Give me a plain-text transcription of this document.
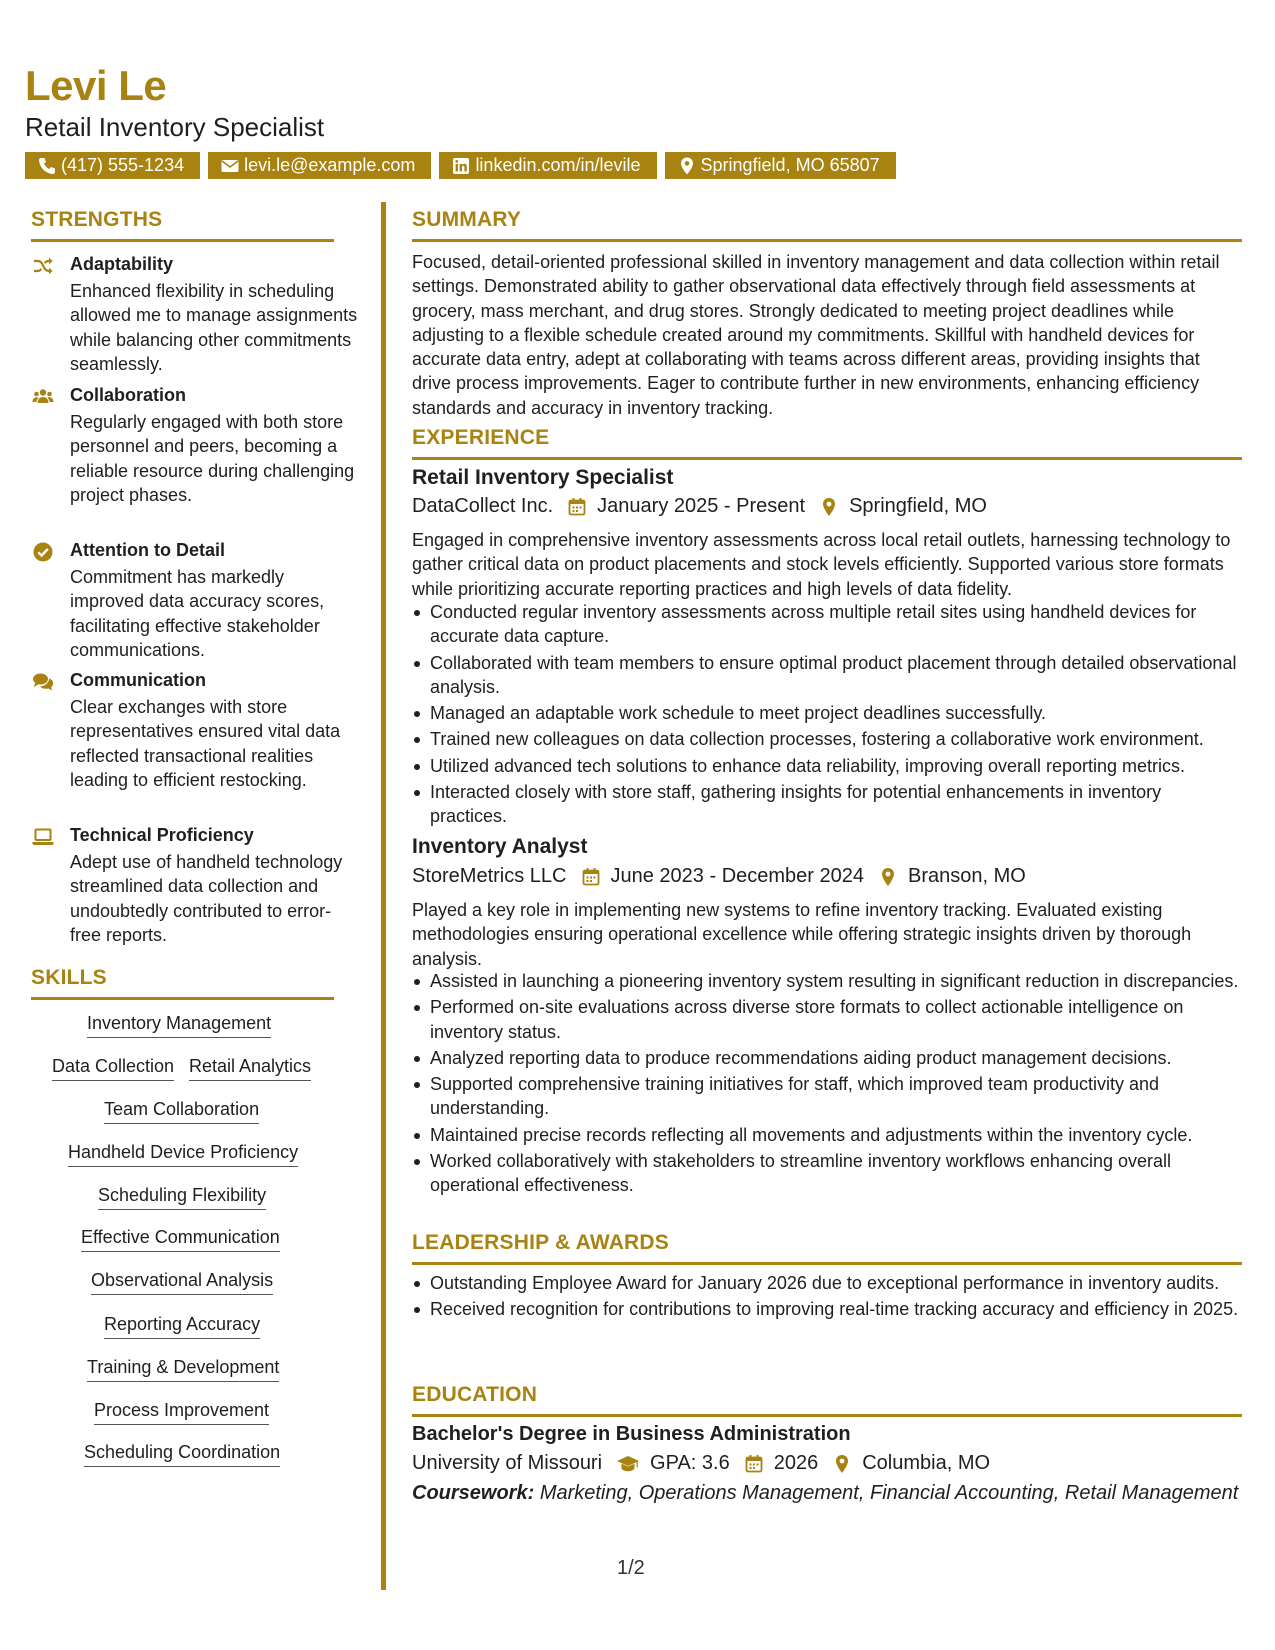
Levi Le
Retail Inventory Specialist
(417) 555-1234	levi.le@example.com	linkedin.com/in/levile	Springfield, MO 65807
STRENGTHS
Adaptability
Enhanced flexibility in scheduling allowed me to manage assignments while balancing other commitments seamlessly.
Collaboration
Regularly engaged with both store personnel and peers, becoming a reliable resource during challenging project phases.
Attention to Detail
Commitment has markedly improved data accuracy scores, facilitating effective stakeholder communications.
Communication
Clear exchanges with store representatives ensured vital data reflected transactional realities leading to efficient restocking.
Technical Proficiency
Adept use of handheld technology streamlined data collection and undoubtedly contributed to error-free reports.
SKILLS
Inventory Management
Data Collection Retail Analytics
Team Collaboration
Handheld Device Proficiency
Scheduling Flexibility
Effective Communication
Observational Analysis
Reporting Accuracy
Training & Development
Process Improvement
Scheduling Coordination
SUMMARY
Focused, detail-oriented professional skilled in inventory management and data collection within retail settings. Demonstrated ability to gather observational data effectively through field assessments at grocery, mass merchant, and drug stores. Strongly dedicated to meeting project deadlines while adjusting to a flexible schedule created around my commitments. Skillful with handheld devices for accurate data entry, adept at collaborating with teams across different areas, providing insights that drive process improvements. Eager to contribute further in new environments, enhancing efficiency standards and accuracy in inventory tracking.
EXPERIENCE
Retail Inventory Specialist
DataCollect Inc. January 2025 - Present Springfield, MO
Engaged in comprehensive inventory assessments across local retail outlets, harnessing technology to gather critical data on product placements and stock levels efficiently. Supported various store formats while prioritizing accurate reporting practices and high levels of data fidelity.
Conducted regular inventory assessments across multiple retail sites using handheld devices for accurate data capture.
Collaborated with team members to ensure optimal product placement through detailed observational analysis.
Managed an adaptable work schedule to meet project deadlines successfully.
Trained new colleagues on data collection processes, fostering a collaborative work environment.
Utilized advanced tech solutions to enhance data reliability, improving overall reporting metrics.
Interacted closely with store staff, gathering insights for potential enhancements in inventory practices.
Inventory Analyst
StoreMetrics LLC June 2023 - December 2024 Branson, MO
Played a key role in implementing new systems to refine inventory tracking. Evaluated existing methodologies ensuring operational excellence while offering strategic insights driven by thorough analysis.
Assisted in launching a pioneering inventory system resulting in significant reduction in discrepancies.
Performed on-site evaluations across diverse store formats to collect actionable intelligence on inventory status.
Analyzed reporting data to produce recommendations aiding product management decisions.
Supported comprehensive training initiatives for staff, which improved team productivity and understanding.
Maintained precise records reflecting all movements and adjustments within the inventory cycle.
Worked collaboratively with stakeholders to streamline inventory workflows enhancing overall operational effectiveness.
LEADERSHIP & AWARDS
Outstanding Employee Award for January 2026 due to exceptional performance in inventory audits.
Received recognition for contributions to improving real-time tracking accuracy and efficiency in 2025.
EDUCATION
Bachelor's Degree in Business Administration
University of Missouri GPA: 3.6 2026 Columbia, MO
Coursework: Marketing, Operations Management, Financial Accounting, Retail Management
1/2
